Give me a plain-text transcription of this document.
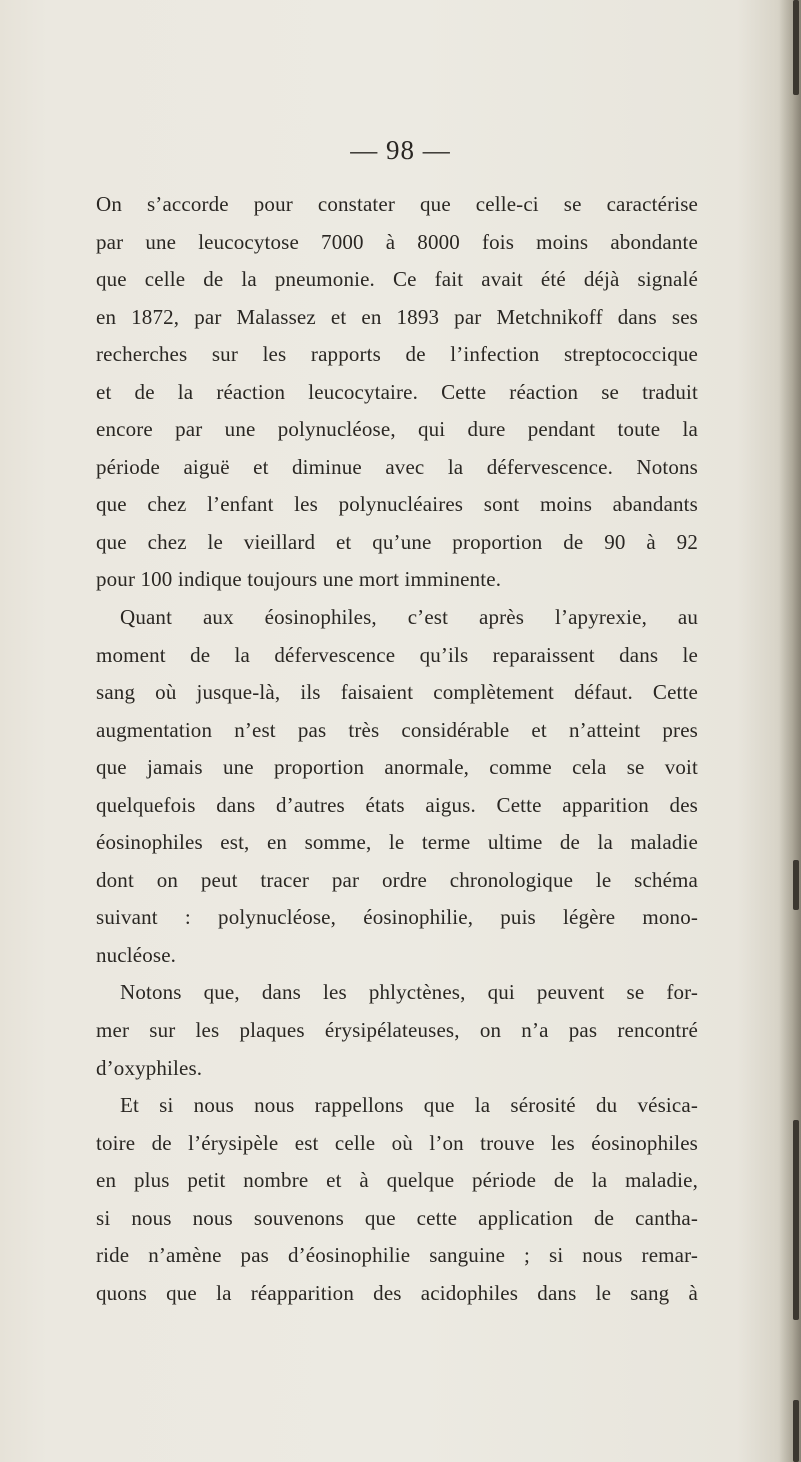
— 98 —
On s’accorde pour constater que celle-ci se caractérise
par une leucocytose 7000 à 8000 fois moins abondante
que celle de la pneumonie. Ce fait avait été déjà signalé
en 1872, par Malassez et en 1893 par Metchnikoff dans ses
recherches sur les rapports de l’infection streptococcique
et de la réaction leucocytaire. Cette réaction se traduit
encore par une polynucléose, qui dure pendant toute la
période aiguë et diminue avec la défervescence. Notons
que chez l’enfant les polynucléaires sont moins abandants
que chez le vieillard et qu’une proportion de 90 à 92
pour 100 indique toujours une mort imminente.
Quant aux éosinophiles, c’est après l’apyrexie, au
moment de la défervescence qu’ils reparaissent dans le
sang où jusque-là, ils faisaient complètement défaut. Cette
augmentation n’est pas très considérable et n’atteint pres
que jamais une proportion anormale, comme cela se voit
quelquefois dans d’autres états aigus. Cette apparition des
éosinophiles est, en somme, le terme ultime de la maladie
dont on peut tracer par ordre chronologique le schéma
suivant : polynucléose, éosinophilie, puis légère mono-
nucléose.
Notons que, dans les phlyctènes, qui peuvent se for-
mer sur les plaques érysipélateuses, on n’a pas rencontré
d’oxyphiles.
Et si nous nous rappellons que la sérosité du vésica-
toire de l’érysipèle est celle où l’on trouve les éosinophiles
en plus petit nombre et à quelque période de la maladie,
si nous nous souvenons que cette application de cantha-
ride n’amène pas d’éosinophilie sanguine ; si nous remar-
quons que la réapparition des acidophiles dans le sang à
